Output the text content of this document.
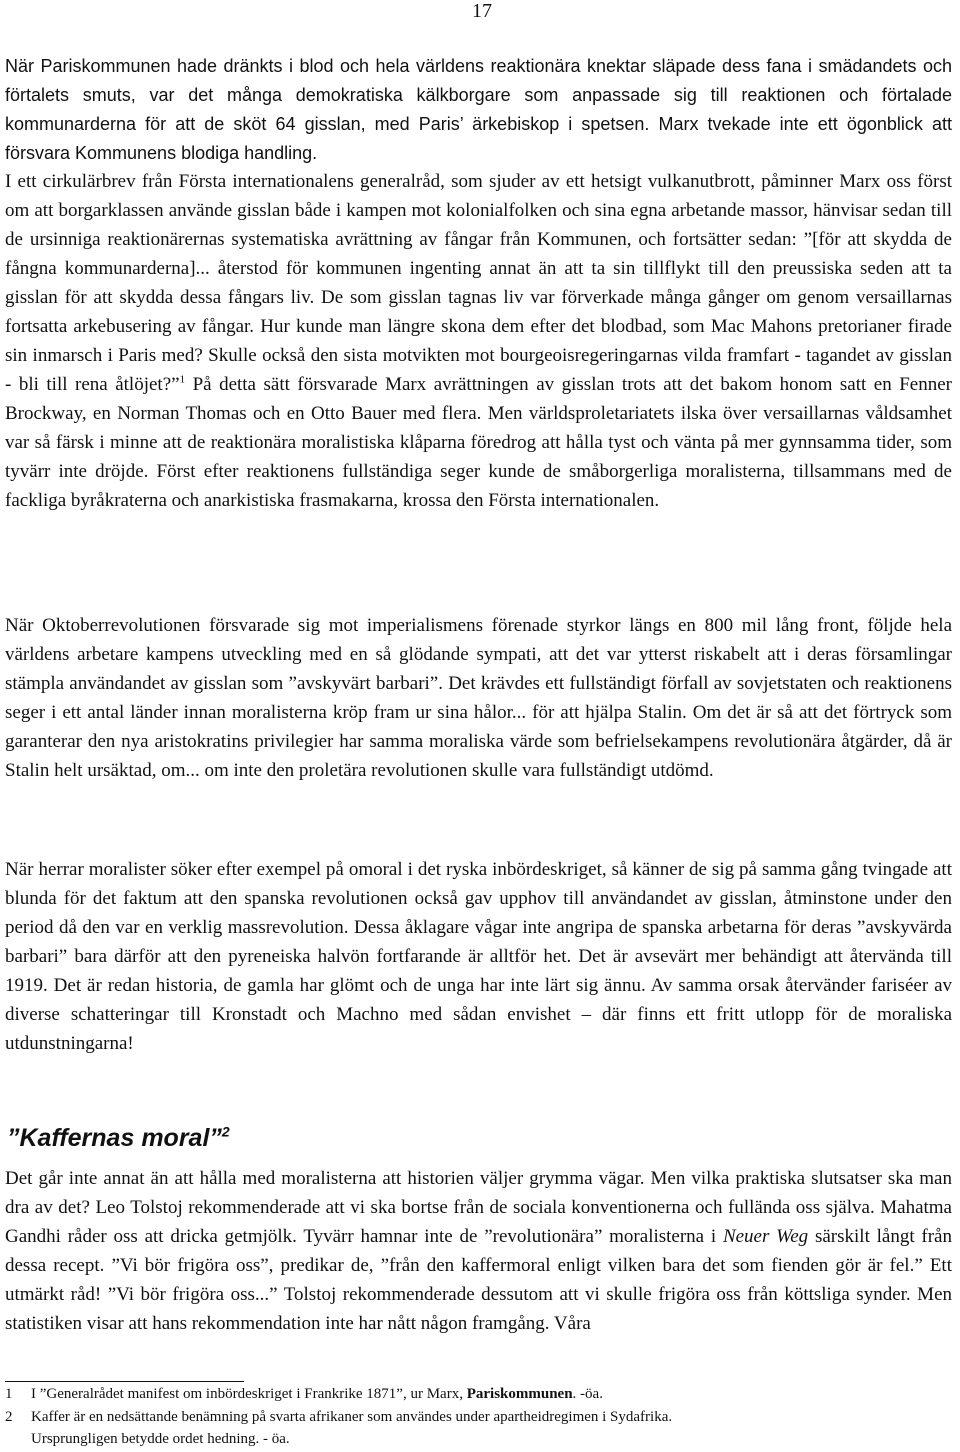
17
När Pariskommunen hade dränkts i blod och hela världens reaktionära knektar släpade dess fana i smädandets och förtalets smuts, var det många demokratiska kälkborgare som anpassade sig till reaktionen och förtalade kommunarderna för att de sköt 64 gisslan, med Paris’ ärkebiskop i spetsen. Marx tvekade inte ett ögonblick att försvara Kommunens blodiga handling.
I ett cirkulärbrev från Första internationalens generalråd, som sjuder av ett hetsigt vulkanutbrott, påminner Marx oss först om att borgarklassen använde gisslan både i kampen mot kolonialfolken och sina egna arbetande massor, hänvisar sedan till de ursinniga reaktionärernas systematiska avrättning av fångar från Kommunen, och fortsätter sedan: ”[för att skydda de fångna kommunarderna]... återstod för kommunen ingenting annat än att ta sin tillflykt till den preussiska seden att ta gisslan för att skydda dessa fångars liv. De som gisslan tagnas liv var förverkade många gånger om genom versaillarnas fortsatta arkebusering av fångar. Hur kunde man längre skona dem efter det blodbad, som Mac Mahons pretorianer firade sin inmarsch i Paris med? Skulle också den sista motvikten mot bourgeoisregeringarnas vilda framfart - tagandet av gisslan - bli till rena åtlöjet?”$^1$ På detta sätt försvarade Marx avrättningen av gisslan trots att det bakom honom satt en Fenner Brockway, en Norman Thomas och en Otto Bauer med flera. Men världsproletariatets ilska över versaillarnas våldsamhet var så färsk i minne att de reaktionära moralistiska klåparna föredrog att hålla tyst och vänta på mer gynnsamma tider, som tyvärr inte dröjde. Först efter reaktionens fullständiga seger kunde de småborgerliga moralisterna, tillsammans med de fackliga byråkraterna och anarkistiska frasmakarna, krossa den Första internationalen.
När Oktoberrevolutionen försvarade sig mot imperialismens förenade styrkor längs en 800 mil lång front, följde hela världens arbetare kampens utveckling med en så glödande sympati, att det var ytterst riskabelt att i deras församlingar stämpla användandet av gisslan som ”avskyvärt barbari”. Det krävdes ett fullständigt förfall av sovjetstaten och reaktionens seger i ett antal länder innan moralisterna kröp fram ur sina hålor... för att hjälpa Stalin. Om det är så att det förtryck som garanterar den nya aristokratins privilegier har samma moraliska värde som befrielsekampens revolutionära åtgärder, då är Stalin helt ursäktad, om... om inte den proletära revolutionen skulle vara fullständigt utdömd.
När herrar moralister söker efter exempel på omoral i det ryska inbördeskriget, så känner de sig på samma gång tvingade att blunda för det faktum att den spanska revolutionen också gav upphov till användandet av gisslan, åtminstone under den period då den var en verklig massrevolution. Dessa åklagare vågar inte angripa de spanska arbetarna för deras ”avskyvärda barbari” bara därför att den pyreneiska halvön fortfarande är alltför het. Det är avsevärt mer behändigt att återvända till 1919. Det är redan historia, de gamla har glömt och de unga har inte lärt sig ännu. Av samma orsak återvänder fariséer av diverse schatteringar till Kronstadt och Machno med sådan envishet – där finns ett fritt utlopp för de moraliska utdunstningarna!
”Kaffernas moral”$^2$
Det går inte annat än att hålla med moralisterna att historien väljer grymma vägar. Men vilka praktiska slutsatser ska man dra av det? Leo Tolstoj rekommenderade att vi ska bortse från de sociala konventionerna och fullända oss själva. Mahatma Gandhi råder oss att dricka getmjölk. Tyvärr hamnar inte de ”revolutionära” moralisterna i Neuer Weg särskilt långt från dessa recept. ”Vi bör frigöra oss”, predikar de, ”från den kaffermoral enligt vilken bara det som fienden gör är fel.” Ett utmärkt råd! ”Vi bör frigöra oss...” Tolstoj rekommenderade dessutom att vi skulle frigöra oss från köttsliga synder. Men statistiken visar att hans rekommendation inte har nått någon framgång. Våra
1 I ”Generalrådet manifest om inbördeskriget i Frankrike 1871”, ur Marx, Pariskommunen. -öa.
2 Kaffer är en nedsättande benämning på svarta afrikaner som användes under apartheidregimen i Sydafrika.
Ursprungligen betydde ordet hedning. - öa.
